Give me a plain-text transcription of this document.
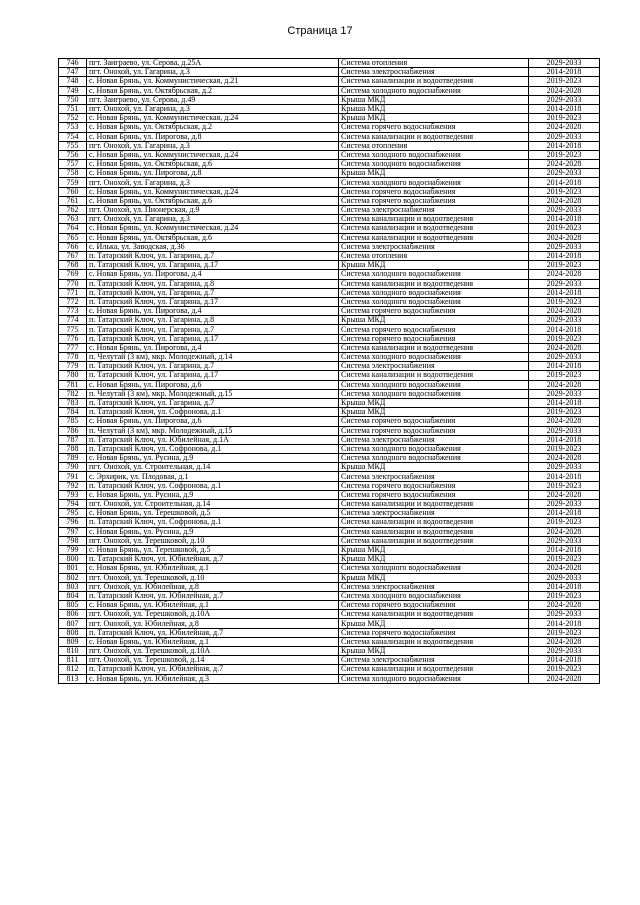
Страница 17
746	пгт. Заиграево, ул. Серова, д.25А	Система отопления	2029-2033
747	пгт. Онохой, ул. Гагарина, д.3	Система электроснабжения	2014-2018
748	с. Новая Брянь, ул. Коммунистическая, д.21	Система канализации и водоотведения	2019-2023
749	с. Новая Брянь, ул. Октябрьская, д.2	Система холодного водоснабжения	2024-2028
750	пгт. Заиграево, ул. Серова, д.49	Крыша МКД	2029-2033
751	пгт. Онохой, ул. Гагарина, д.3	Крыша МКД	2014-2018
752	с. Новая Брянь, ул. Коммунистическая, д.24	Крыша МКД	2019-2023
753	с. Новая Брянь, ул. Октябрьская, д.2	Система горячего водоснабжения	2024-2028
754	с. Новая Брянь, ул. Пирогова, д.8	Система канализации и водоотведения	2029-2033
755	пгт. Онохой, ул. Гагарина, д.3	Система отопления	2014-2018
756	с. Новая Брянь, ул. Коммунистическая, д.24	Система холодного водоснабжения	2019-2023
757	с. Новая Брянь, ул. Октябрьская, д.6	Система холодного водоснабжения	2024-2028
758	с. Новая Брянь, ул. Пирогова, д.8	Крыша МКД	2029-2033
759	пгт. Онохой, ул. Гагарина, д.3	Система холодного водоснабжения	2014-2018
760	с. Новая Брянь, ул. Коммунистическая, д.24	Система горячего водоснабжения	2019-2023
761	с. Новая Брянь, ул. Октябрьская, д.6	Система горячего водоснабжения	2024-2028
762	пгт. Онохой, ул. Пионерская, д.9	Система электроснабжения	2029-2033
763	пгт. Онохой, ул. Гагарина, д.3	Система канализации и водоотведения	2014-2018
764	с. Новая Брянь, ул. Коммунистическая, д.24	Система канализации и водоотведения	2019-2023
765	с. Новая Брянь, ул. Октябрьская, д.6	Система канализации и водоотведения	2024-2028
766	с. Илька, ул. Заводская, д.36	Система электроснабжения	2029-2033
767	п. Татарский Ключ, ул. Гагарина, д.7	Система отопления	2014-2018
768	п. Татарский Ключ, ул. Гагарина, д.17	Крыша МКД	2019-2023
769	с. Новая Брянь, ул. Пирогова, д.4	Система холодного водоснабжения	2024-2028
770	п. Татарский Ключ, ул. Гагарина, д.8	Система канализации и водоотведения	2029-2033
771	п. Татарский Ключ, ул. Гагарина, д.7	Система холодного водоснабжения	2014-2018
772	п. Татарский Ключ, ул. Гагарина, д.17	Система холодного водоснабжения	2019-2023
773	с. Новая Брянь, ул. Пирогова, д.4	Система горячего водоснабжения	2024-2028
774	п. Татарский Ключ, ул. Гагарина, д.8	Крыша МКД	2029-2033
775	п. Татарский Ключ, ул. Гагарина, д.7	Система горячего водоснабжения	2014-2018
776	п. Татарский Ключ, ул. Гагарина, д.17	Система горячего водоснабжения	2019-2023
777	с. Новая Брянь, ул. Пирогова, д.4	Система канализации и водоотведения	2024-2028
778	п. Челутай (3 км), мкр. Молодежный, д.14	Система холодного водоснабжения	2029-2033
779	п. Татарский Ключ, ул. Гагарина, д.7	Система электроснабжения	2014-2018
780	п. Татарский Ключ, ул. Гагарина, д.17	Система канализации и водоотведения	2019-2023
781	с. Новая Брянь, ул. Пирогова, д.6	Система холодного водоснабжения	2024-2028
782	п. Челутай (3 км), мкр. Молодежный, д.15	Система холодного водоснабжения	2029-2033
783	п. Татарский Ключ, ул. Гагарина, д.7	Крыша МКД	2014-2018
784	п. Татарский Ключ, ул. Софронова, д.1	Крыша МКД	2019-2023
785	с. Новая Брянь, ул. Пирогова, д.6	Система горячего водоснабжения	2024-2028
786	п. Челутай (3 км), мкр. Молодежный, д.15	Система горячего водоснабжения	2029-2033
787	п. Татарский Ключ, ул. Юбилейная, д.1А	Система электроснабжения	2014-2018
788	п. Татарский Ключ, ул. Софронова, д.1	Система холодного водоснабжения	2019-2023
789	с. Новая Брянь, ул. Русина, д.9	Система холодного водоснабжения	2024-2028
790	пгт. Онохой, ул. Строительная, д.14	Крыша МКД	2029-2033
791	с. Эрхирик, ул. Плодовая, д.1	Система электроснабжения	2014-2018
792	п. Татарский Ключ, ул. Софронова, д.1	Система горячего водоснабжения	2019-2023
793	с. Новая Брянь, ул. Русина, д.9	Система горячего водоснабжения	2024-2028
794	пгт. Онохой, ул. Строительная, д.14	Система канализации и водоотведения	2029-2033
795	с. Новая Брянь, ул. Терешковой, д.5	Система электроснабжения	2014-2018
796	п. Татарский Ключ, ул. Софронова, д.1	Система канализации и водоотведения	2019-2023
797	с. Новая Брянь, ул. Русина, д.9	Система канализации и водоотведения	2024-2028
798	пгт. Онохой, ул. Терешковой, д.10	Система канализации и водоотведения	2029-2033
799	с. Новая Брянь, ул. Терешковой, д.5	Крыша МКД	2014-2018
800	п. Татарский Ключ, ул. Юбилейная, д.7	Крыша МКД	2019-2023
801	с. Новая Брянь, ул. Юбилейная, д.1	Система холодного водоснабжения	2024-2028
802	пгт. Онохой, ул. Терешковой, д.10	Крыша МКД	2029-2033
803	пгт. Онохой, ул. Юбилейная, д.8	Система электроснабжения	2014-2018
804	п. Татарский Ключ, ул. Юбилейная, д.7	Система холодного водоснабжения	2019-2023
805	с. Новая Брянь, ул. Юбилейная, д.1	Система горячего водоснабжения	2024-2028
806	пгт. Онохой, ул. Терешковой, д.10А	Система канализации и водоотведения	2029-2033
807	пгт. Онохой, ул. Юбилейная, д.8	Крыша МКД	2014-2018
808	п. Татарский Ключ, ул. Юбилейная, д.7	Система горячего водоснабжения	2019-2023
809	с. Новая Брянь, ул. Юбилейная, д.1	Система канализации и водоотведения	2024-2028
810	пгт. Онохой, ул. Терешковой, д.10А	Крыша МКД	2029-2033
811	пгт. Онохой, ул. Терешковой, д.14	Система электроснабжения	2014-2018
812	п. Татарский Ключ, ул. Юбилейная, д.7	Система канализации и водоотведения	2019-2023
813	с. Новая Брянь, ул. Юбилейная, д.3	Система холодного водоснабжения	2024-2028
